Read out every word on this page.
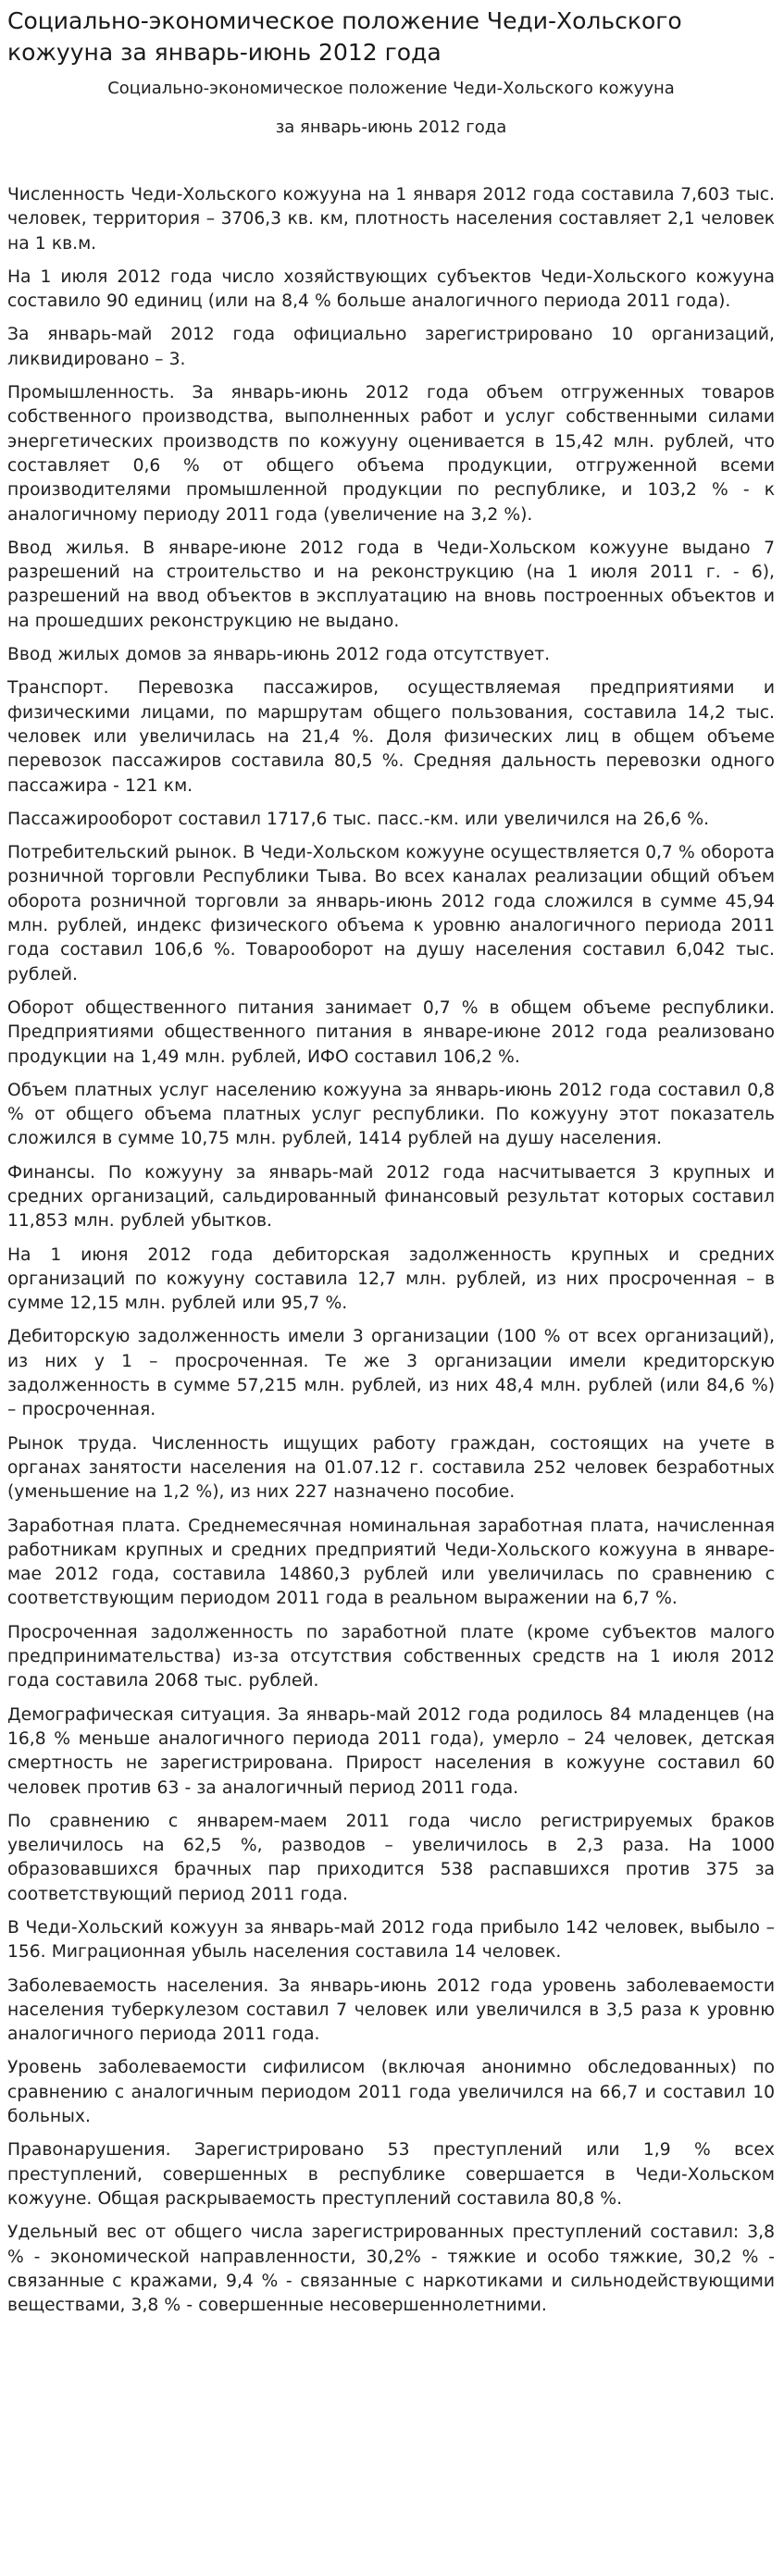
Социально-экономическое положение Чеди-Хольского кожууна за январь-июнь 2012 года
Социально-экономическое положение Чеди-Хольского кожууна
за январь-июнь 2012 года

Численность Чеди-Хольского кожууна на 1 января 2012 года составила 7,603 тыс. человек, территория – 3706,3 кв. км, плотность населения составляет 2,1 человек на 1 кв.м.

На 1 июля 2012 года число хозяйствующих субъектов Чеди-Хольского кожууна составило 90 единиц (или на 8,4 % больше аналогичного периода 2011 года).

За январь-май 2012 года официально зарегистрировано 10 организаций, ликвидировано – 3.

Промышленность. За январь-июнь 2012 года объем отгруженных товаров собственного производства, выполненных работ и услуг собственными силами энергетических производств по кожууну оценивается в 15,42 млн. рублей, что составляет 0,6 % от общего объема продукции, отгруженной всеми производителями промышленной продукции по республике, и 103,2 % - к аналогичному периоду 2011 года (увеличение на 3,2 %).

Ввод жилья. В январе-июне 2012 года в Чеди-Хольском кожууне выдано 7 разрешений на строительство и на реконструкцию (на 1 июля 2011 г. - 6), разрешений на ввод объектов в эксплуатацию на вновь построенных объектов и на прошедших реконструкцию не выдано.

Ввод жилых домов за январь-июнь 2012 года отсутствует.

Транспорт. Перевозка пассажиров, осуществляемая предприятиями и физическими лицами, по маршрутам общего пользования, составила 14,2 тыс. человек или увеличилась на 21,4 %. Доля физических лиц в общем объеме перевозок пассажиров составила 80,5 %. Средняя дальность перевозки одного пассажира - 121 км.

Пассажирооборот составил 1717,6 тыс. пасс.-км. или увеличился на 26,6 %.

Потребительский рынок. В Чеди-Хольском кожууне осуществляется 0,7 % оборота розничной торговли Республики Тыва. Во всех каналах реализации общий объем оборота розничной торговли за январь-июнь 2012 года сложился в сумме 45,94 млн. рублей, индекс физического объема к уровню аналогичного периода 2011 года составил 106,6 %. Товарооборот на душу населения составил 6,042 тыс. рублей.

Оборот общественного питания занимает 0,7 % в общем объеме республики. Предприятиями общественного питания в январе-июне 2012 года реализовано продукции на 1,49 млн. рублей, ИФО составил 106,2 %.

Объем платных услуг населению кожууна за январь-июнь 2012 года составил 0,8 % от общего объема платных услуг республики. По кожууну этот показатель сложился в сумме 10,75 млн. рублей, 1414 рублей на душу населения.

Финансы. По кожууну за январь-май 2012 года насчитывается 3 крупных и средних организаций, сальдированный финансовый результат которых составил 11,853 млн. рублей убытков.

На 1 июня 2012 года дебиторская задолженность крупных и средних организаций по кожууну составила 12,7 млн. рублей, из них просроченная – в сумме 12,15 млн. рублей или 95,7 %.

Дебиторскую задолженность имели 3 организации (100 % от всех организаций), из них у 1 – просроченная. Те же 3 организации имели кредиторскую задолженность в сумме 57,215 млн. рублей, из них 48,4 млн. рублей (или 84,6 %) – просроченная.

Рынок труда. Численность ищущих работу граждан, состоящих на учете в органах занятости населения на 01.07.12 г. составила 252 человек безработных (уменьшение на 1,2 %), из них 227 назначено пособие.

Заработная плата. Среднемесячная номинальная заработная плата, начисленная работникам крупных и средних предприятий Чеди-Хольского кожууна в январе-мае 2012 года, составила 14860,3 рублей или увеличилась по сравнению с соответствующим периодом 2011 года в реальном выражении на 6,7 %.

Просроченная задолженность по заработной плате (кроме субъектов малого предпринимательства) из-за отсутствия собственных средств на 1 июля 2012 года составила 2068 тыс. рублей.

Демографическая ситуация. За январь-май 2012 года родилось 84 младенцев (на 16,8 % меньше аналогичного периода 2011 года), умерло – 24 человек, детская смертность не зарегистрирована. Прирост населения в кожууне составил 60 человек против 63 - за аналогичный период 2011 года.

По сравнению с январем-маем 2011 года число регистрируемых браков увеличилось на 62,5 %, разводов – увеличилось в 2,3 раза. На 1000 образовавшихся брачных пар приходится 538 распавшихся против 375 за соответствующий период 2011 года.

В Чеди-Хольский кожуун за январь-май 2012 года прибыло 142 человек, выбыло – 156. Миграционная убыль населения составила 14 человек.

Заболеваемость населения. За январь-июнь 2012 года уровень заболеваемости населения туберкулезом составил 7 человек или увеличился в 3,5 раза к уровню аналогичного периода 2011 года.

Уровень заболеваемости сифилисом (включая анонимно обследованных) по сравнению с аналогичным периодом 2011 года увеличился на 66,7 и составил 10 больных.

Правонарушения. Зарегистрировано 53 преступлений или 1,9 % всех преступлений, совершенных в республике совершается в Чеди-Хольском кожууне. Общая раскрываемость преступлений составила 80,8 %.

Удельный вес от общего числа зарегистрированных преступлений составил: 3,8 % - экономической направленности, 30,2% - тяжкие и особо тяжкие, 30,2 % - связанные с кражами, 9,4 % - связанные с наркотиками и сильнодействующими веществами, 3,8 % - совершенные несовершеннолетними.
